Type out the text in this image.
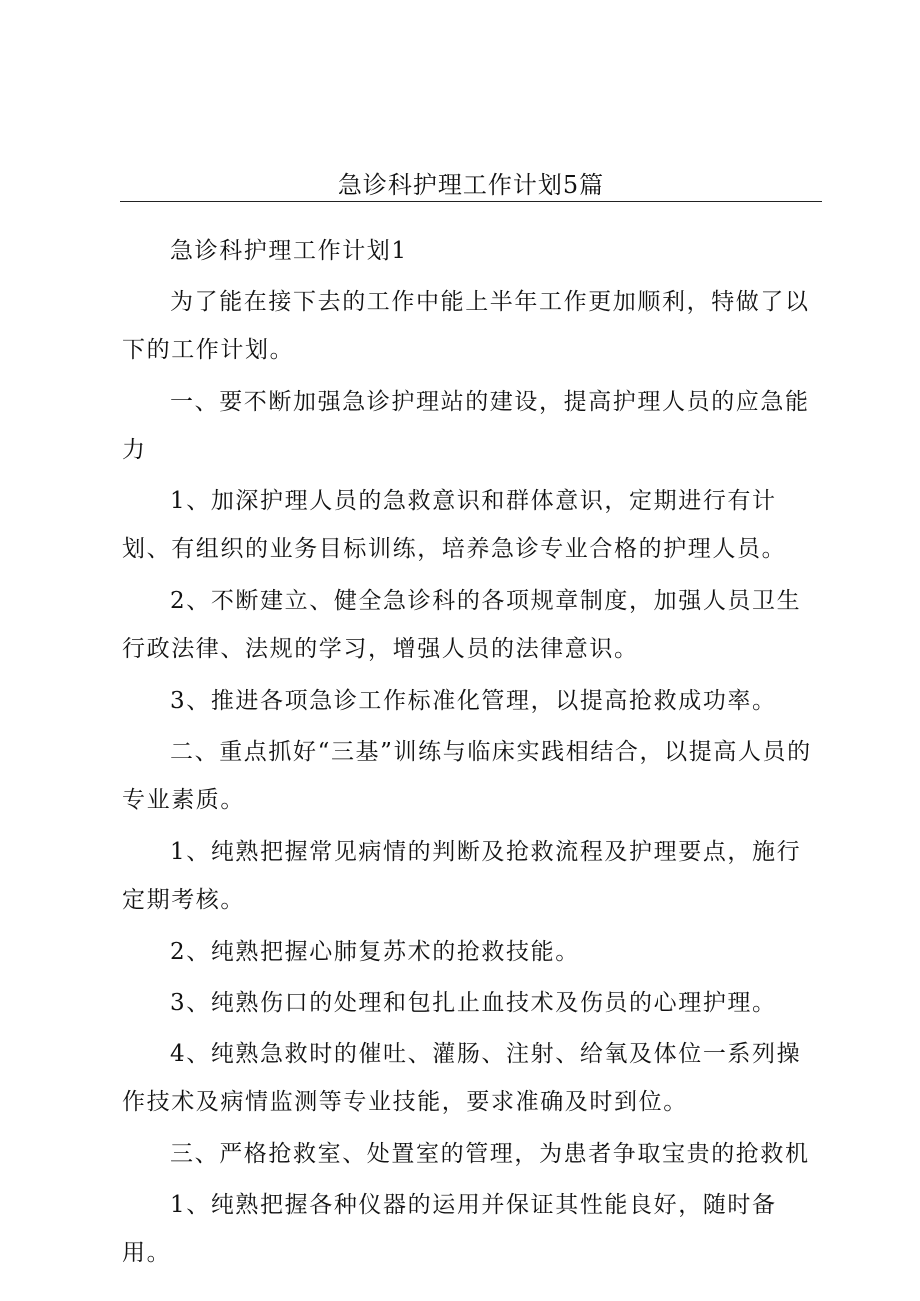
急诊科护理工作计划5篇

急诊科护理工作计划1

为了能在接下去的工作中能上半年工作更加顺利，特做了以下的工作计划。

一、要不断加强急诊护理站的建设，提高护理人员的应急能力

1、加深护理人员的急救意识和群体意识，定期进行有计划、有组织的业务目标训练，培养急诊专业合格的护理人员。

2、不断建立、健全急诊科的各项规章制度，加强人员卫生行政法律、法规的学习，增强人员的法律意识。

3、推进各项急诊工作标准化管理，以提高抢救成功率。

二、重点抓好“三基”训练与临床实践相结合，以提高人员的专业素质。

1、纯熟把握常见病情的判断及抢救流程及护理要点，施行定期考核。

2、纯熟把握心肺复苏术的抢救技能。

3、纯熟伤口的处理和包扎止血技术及伤员的心理护理。

4、纯熟急救时的催吐、灌肠、注射、给氧及体位一系列操作技术及病情监测等专业技能，要求准确及时到位。

三、严格抢救室、处置室的管理，为患者争取宝贵的抢救机

1、纯熟把握各种仪器的运用并保证其性能良好，随时备用。
